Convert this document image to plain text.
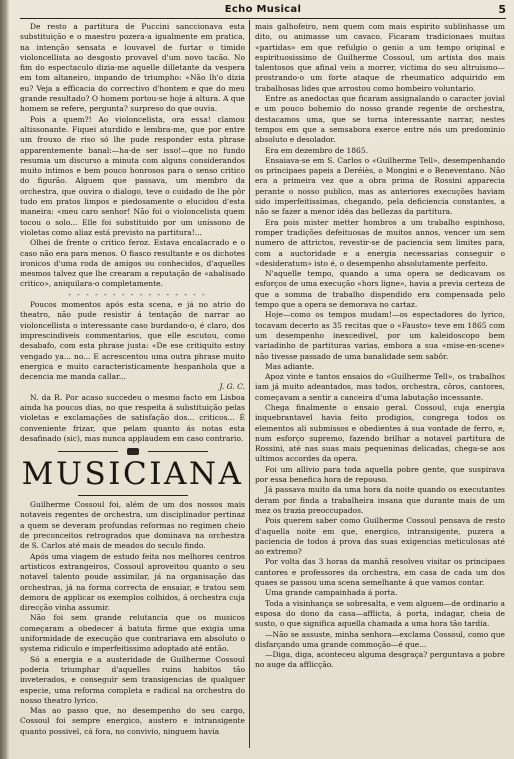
Echo Musical	5

De resto a partitura de Puccini sanccionava esta substituição e o maestro pozera-a igualmente em pratica, na intenção sensata e louvavel de furtar o timido violoncellista ao desgosto provavel d'um novo tacão. No fim do espectaculo dizia-me aquelle dilletante da vespera em tom altaneiro, impando de triumpho: «Não lh'o dizia eu? Veja a efficacia do correctivo d'hontem e que do meu grande resultado? O homem portou-se hoje á altura. A que homem se refere, pergunta? surpreso do que ouvia.

Pois a quem?! Ao violoncelista, ora essa! clamou altissonante. Fiquei aturdido e lembra-me, que por entre um frouxo de riso só lhe pude responder esta phrase apparentemente banal:—ha-de ser isso!—que no fundo resumia um discurso a minuta com alguns considerandos muito intimos e bem pouco honrosos para o senso critico do figurão. Alguem que passava, um membro da orchestra, que ouvira o dialogo, teve o cuidado de lhe pôr tudo em pratos limpos e piedosamente o elucidou d'esta maneira: «meu caro senhor! Não foi o violoncelista quem tocou o solo... Elle foi substituido por um uníssono de violetas como aliaz está previsto na partitura!...

Olhei de frente o critico feroz. Estava encalacrado e o caso não era para menos. O fiasco resultante e os dichotes ironicos d'uma roda de amigos ou conhecidos, d'aquelles mesmos talvez que lhe crearam a reputação de «abalisado critico», aniquilara-o completamente.

- - - - - - - - - - - - - - - -

Poucos momentos após esta scena, e já no atrio do theatro, não pude resistir á tentação de narrar ao violoncellista o interessante caso burdando-o, é claro, dos imprescindiveis commentarios, que elle escutou, como desabafo, com esta phrase justa: «De ese critiquito estoy vengado ya... no... E acrescentou uma outra phrase muito energica e muito caracteristicamente hespanhola que a decencia me manda callar...

J. G. C.

N. da R. Por acaso succedeu o mesmo facto em Lisboa ainda ha poucos dias, no que respeita á substituição pelas violetas e exclamações de satisfação dos... criticos... É conveniente frizar, que pelam quanto ás notas esta desafinado (sic), mas nunca applaudem em caso contrario.

MUSICIANA

Guilherme Cossoul foi, além de um dos nossos mais notaveis regentes de orchestra, um disciplinador pertinaz a quem se deveram profundas reformas no regimen cheio de preconceitos retrogrados que dominava na orchestra de S. Carlos até mais de meados do seculo findo.

Após uma viagem de estudo feita nos melhores centros artisticos extrangeiros, Cossoul aproveitou quanto o seu notavel talento poude assimilar, já na organisação das orchestras, já na forma correcta de ensaiar, e tratou sem demora de applicar os exemplos colhidos, á orchestra cuja direcção vinha assumir.

Não foi sem grande relutancia que os musicos começaram a obedecer á batuta firme que exigia uma uniformidade de execução que contrariava em absoluto o systema ridiculo e imperfeitissimo adoptado até então.

Só a energia e a austeridade de Guilherme Cossoul poderia triumphar d'aquelles ruins habitos tão inveterados, e conseguir sem transigencias de qualquer especie, uma reforma completa e radical na orchestra do nosso theatro lyrico.

Mas ao passo que, no desempenho do seu cargo, Cossoul foi sempre energico, austero e intransigente quanto possivel, cá fora, no convivio, ninguem havia

mais galhofeiro, nem quem com mais espirito sublinhasse um dito, ou animasse um cavaco. Ficaram tradicionaes muitas «partidas» em que refulgio o genio a um tempo original e espirituosissimo de Guilherme Cossoul, um artista dos mais talentosos que afinal veiu a morrer, victima do seu altruismo—prostrando-o um forte ataque de rheumatico adquirido em trabalhosas lides que arrostou como bombeiro voluntario.

Entre as anedoctas que ficaram assignalando o caracter jovial e um pouco bohemio do nosso grande regente de orchestra, destacamos uma, que se torna interessante narrar, nestes tempos em que a semsabora exerce entre nós um predominio absoluto e desolador.

Era em dezembro de 1865.

Ensaiava-se em S. Carlos o «Guilherme Tell», desempenhando os principaes papeis a Deréiès, o Mongini e o Beneventano. Não era a primeira vez que a obra prima de Rossini apparecia perante o nosso publico, mas as anteriores execuções haviam sido imperfeitissimas, chegando, pela deficiencia constantes, a não se fazer a menor idéa das bellezas da partitura.

Era pois mister metter hombros a um trabalho espinhoso, romper tradições defeituosas de muitos annos, vencer um sem numero de attrictos, revestir-se de paciencia sem limites para, com a auctoridade e a energia necessarias conseguir o «desideratum» isto é, o desempenho absolutamente perfeito.

N'aquelle tempo, quando a uma opera se dedicavam os esforços de uma execução «hors ligne», havia a previa certeza de que a somma de trabalho dispendido era compensada pelo tempo que a opera se demorava no cartaz.

Hoje—como os tempos mudam!—os espectadores do lyrico, tocavam decerto as 35 recitas que o «Fausto» teve em 1865 com um desempenho inexcedivel, por um kaleidoscopo bem variadinho de partituras varias, embora a sua «mise-en-scene» não tivesse passado de uma banalidade sem sabôr.

Mas adiante.

Apoz vinte e tantos ensaios do «Guilherme Tell», os trabalhos iam já muito adeantados, mas todos, orchestra, côros, cantores, começavam a sentir a canceira d'uma labutação incessante.

Chega finalmente o ensaio geral. Cossoul, cuja energia inquebrantavel havia feito prodigios, congrega todos os elementos ali submissos e obedientes á sua vontade de ferro, e, num esforço supremo, fazendo brilhar a notavel partitura de Rossini, até nas suas mais pequeninas delicadas, chega-se aos ultimos accordes da opera.

Foi um allivio para toda aquella pobre gente, que suspirava por essa benefica hora de repouso.

Já passava muito da uma hora da noite quando os executantes deram por finda a trabalheira insana que durante mais de um mez os trazia preoccupados.

Pois querem saber como Guilherme Cossoul pensava de resto d'aquella noite em que, energico, intransigente, puzera a paciencia de todos á prova das suas exigencias meticulosas até ao extremo?

Por volta das 3 horas da manhã resolveu visitar os principaes cantores e professores da orchestra, em casa de cada um dos quaes se passou uma scena semelhante á que vamos contar.

Uma grande campainhada á porta.

Toda a visinhança se sobresalta, e vem alguem—de ordinario a esposa do dono da casa—afflicta, á porta, indagar, cheia de susto, o que significa aquella chamada a uma hora tão tardia.

—Não se assuste, minha senhora—exclama Cossoul, como que disfarçando uma grande commoção—é que...

—Diga, diga, aconteceu alguma desgraça? perguntava a pobre no auge da afflicção.
